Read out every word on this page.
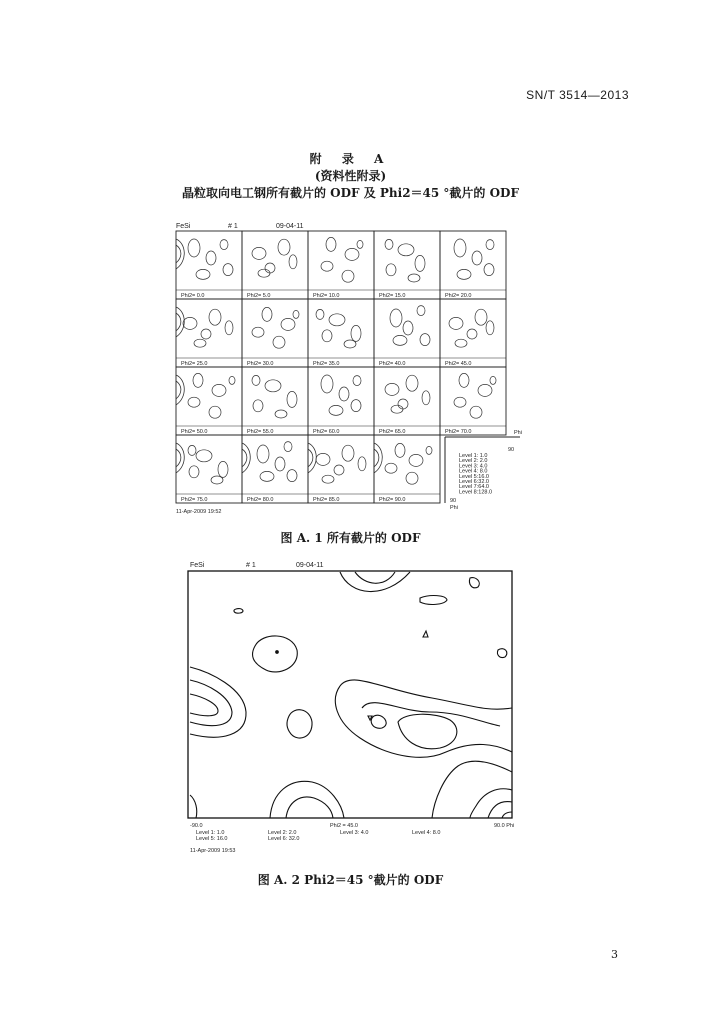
SN/T 3514—2013
附 录 A
(资料性附录)
晶粒取向电工钢所有截片的 ODF 及 Phi2＝45 °截片的 ODF
FeSi	# 1	09-04-11
Phi2= 0.0	Phi2= 5.0	Phi2= 10.0	Phi2= 15.0	Phi2= 20.0
Phi2= 25.0	Phi2= 30.0	Phi2= 35.0	Phi2= 40.0	Phi2= 45.0
Phi2= 50.0	Phi2= 55.0	Phi2= 60.0	Phi2= 65.0	Phi2= 70.0
Phi2= 75.0	Phi2= 80.0	Phi2= 85.0	Phi2= 90.0
Phi
90
90
Phi
Level 1: 1.0
Level 2: 2.0
Level 3: 4.0
Level 4: 8.0
Level 5:16.0
Level 6:32.0
Level 7:64.0
Level 8:128.0
11-Apr-2009 19:52
FeSi	# 1	09-04-11
-90.0	Phi2 = 45.0	90.0 Phi
Level 1: 1.0	Level 2: 2.0	Level 3: 4.0	Level 4: 8.0
Level 5: 16.0	Level 6: 32.0
11-Apr-2009 19:53
图 A. 1 所有截片的 ODF
图 A. 2 Phi2＝45 °截片的 ODF
3
